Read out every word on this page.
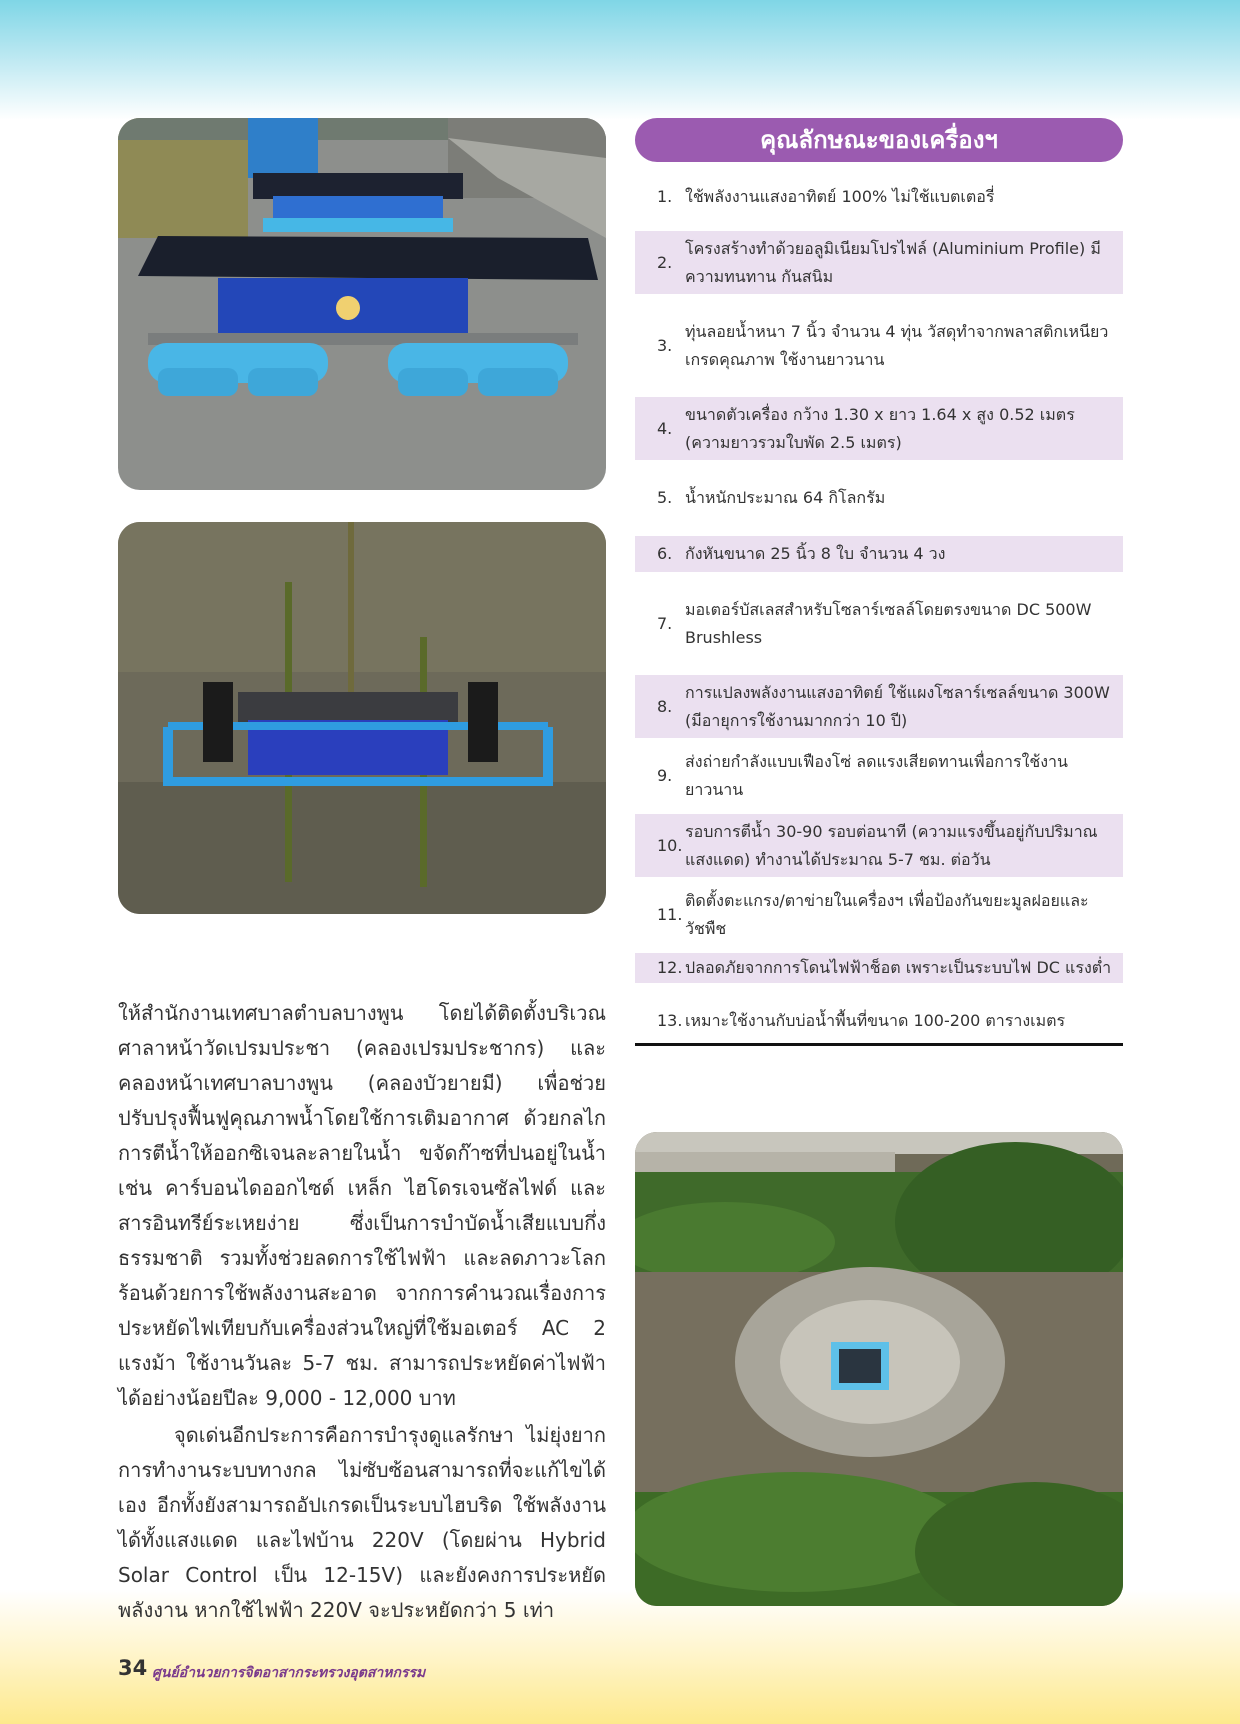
คุณลักษณะของเครื่องฯ
1. ใช้พลังงานแสงอาทิตย์ 100% ไม่ใช้แบตเตอรี่
2.
โครงสร้างทำด้วยอลูมิเนียมโปรไฟล์ (Aluminium Profile) มีความทนทาน กันสนิม
3.
ทุ่นลอยน้ำหนา 7 นิ้ว จำนวน 4 ทุ่น วัสดุทำจากพลาสติกเหนียว เกรดคุณภาพ ใช้งานยาวนาน
4.
ขนาดตัวเครื่อง กว้าง 1.30 x ยาว 1.64 x สูง 0.52 เมตร (ความยาวรวมใบพัด 2.5 เมตร)
5. น้ำหนักประมาณ 64 กิโลกรัม
6. กังหันขนาด 25 นิ้ว 8 ใบ จำนวน 4 วง
7.
มอเตอร์บัสเลสสำหรับโซลาร์เซลล์โดยตรงขนาด DC 500W Brushless
8.
การแปลงพลังงานแสงอาทิตย์ ใช้แผงโซลาร์เซลล์ขนาด 300W (มีอายุการใช้งานมากกว่า 10 ปี)
9.
ส่งถ่ายกำลังแบบเฟืองโซ่ ลดแรงเสียดทานเพื่อการใช้งานยาวนาน
10.
รอบการตีน้ำ 30-90 รอบต่อนาที (ความแรงขึ้นอยู่กับปริมาณ แสงแดด) ทำงานได้ประมาณ 5-7 ชม. ต่อวัน
11.
ติดตั้งตะแกรง/ตาข่ายในเครื่องฯ เพื่อป้องกันขยะมูลฝอยและวัชพืช
12. ปลอดภัยจากการโดนไฟฟ้าช็อต เพราะเป็นระบบไฟ DC แรงต่ำ
13. เหมาะใช้งานกับบ่อน้ำพื้นที่ขนาด 100-200 ตารางเมตร

ให้สำนักงานเทศบาลตำบลบางพูน โดยได้ติดตั้งบริเวณศาลาหน้าวัดเปรมประชา (คลองเปรมประชากร) และคลองหน้าเทศบาลบางพูน (คลองบัวยายมี) เพื่อช่วยปรับปรุงฟื้นฟูคุณภาพน้ำโดยใช้การเติมอากาศ ด้วยกลไกการตีน้ำให้ออกซิเจนละลายในน้ำ ขจัดก๊าซที่ปนอยู่ในน้ำ เช่น คาร์บอนไดออกไซด์ เหล็ก ไฮโดรเจนซัลไฟด์ และสารอินทรีย์ระเหยง่าย ซึ่งเป็นการบำบัดน้ำเสียแบบกึ่งธรรมชาติ รวมทั้งช่วยลดการใช้ไฟฟ้า และลดภาวะโลกร้อนด้วยการใช้พลังงานสะอาด จากการคำนวณเรื่องการประหยัดไฟเทียบกับเครื่องส่วนใหญ่ที่ใช้มอเตอร์ AC 2 แรงม้า ใช้งานวันละ 5-7 ชม. สามารถประหยัดค่าไฟฟ้า ได้อย่างน้อยปีละ 9,000 - 12,000 บาท

จุดเด่นอีกประการคือการบำรุงดูแลรักษา ไม่ยุ่งยาก การทำงานระบบทางกล ไม่ซับซ้อนสามารถที่จะแก้ไขได้เอง อีกทั้งยังสามารถอัปเกรดเป็นระบบไฮบริด ใช้พลังงานได้ทั้งแสงแดด และไฟบ้าน 220V (โดยผ่าน Hybrid Solar Control เป็น 12-15V) และยังคงการประหยัดพลังงาน หากใช้ไฟฟ้า 220V จะประหยัดกว่า 5 เท่า

34 ศูนย์อำนวยการจิตอาสากระทรวงอุตสาหกรรม
